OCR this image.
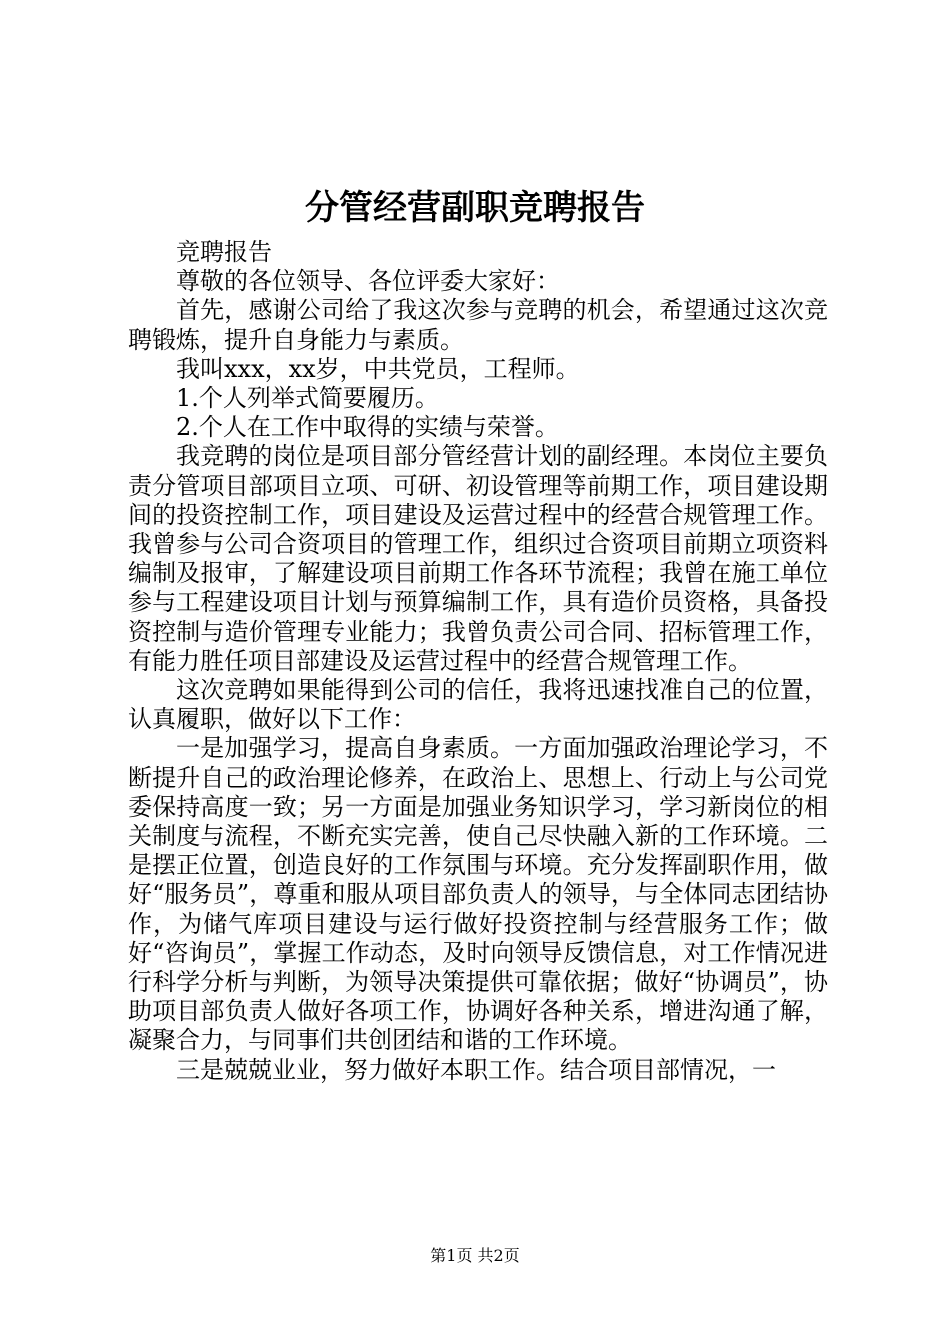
分管经营副职竞聘报告

竞聘报告

尊敬的各位领导、各位评委大家好：

首先，感谢公司给了我这次参与竞聘的机会，希望通过这次竞聘锻炼，提升自身能力与素质。

我叫xxx，xx岁，中共党员，工程师。

1.个人列举式简要履历。

2.个人在工作中取得的实绩与荣誉。

我竞聘的岗位是项目部分管经营计划的副经理。本岗位主要负责分管项目部项目立项、可研、初设管理等前期工作，项目建设期间的投资控制工作，项目建设及运营过程中的经营合规管理工作。我曾参与公司合资项目的管理工作，组织过合资项目前期立项资料编制及报审，了解建设项目前期工作各环节流程；我曾在施工单位参与工程建设项目计划与预算编制工作，具有造价员资格，具备投资控制与造价管理专业能力；我曾负责公司合同、招标管理工作，有能力胜任项目部建设及运营过程中的经营合规管理工作。

这次竞聘如果能得到公司的信任，我将迅速找准自己的位置，认真履职，做好以下工作：

一是加强学习，提高自身素质。一方面加强政治理论学习，不断提升自己的政治理论修养，在政治上、思想上、行动上与公司党委保持高度一致；另一方面是加强业务知识学习，学习新岗位的相关制度与流程，不断充实完善，使自己尽快融入新的工作环境。二是摆正位置，创造良好的工作氛围与环境。充分发挥副职作用，做好“服务员”，尊重和服从项目部负责人的领导，与全体同志团结协作，为储气库项目建设与运行做好投资控制与经营服务工作；做好“咨询员”，掌握工作动态，及时向领导反馈信息，对工作情况进行科学分析与判断，为领导决策提供可靠依据；做好“协调员”，协助项目部负责人做好各项工作，协调好各种关系，增进沟通了解，凝聚合力，与同事们共创团结和谐的工作环境。

三是兢兢业业，努力做好本职工作。结合项目部情况，一

第1页 共2页
